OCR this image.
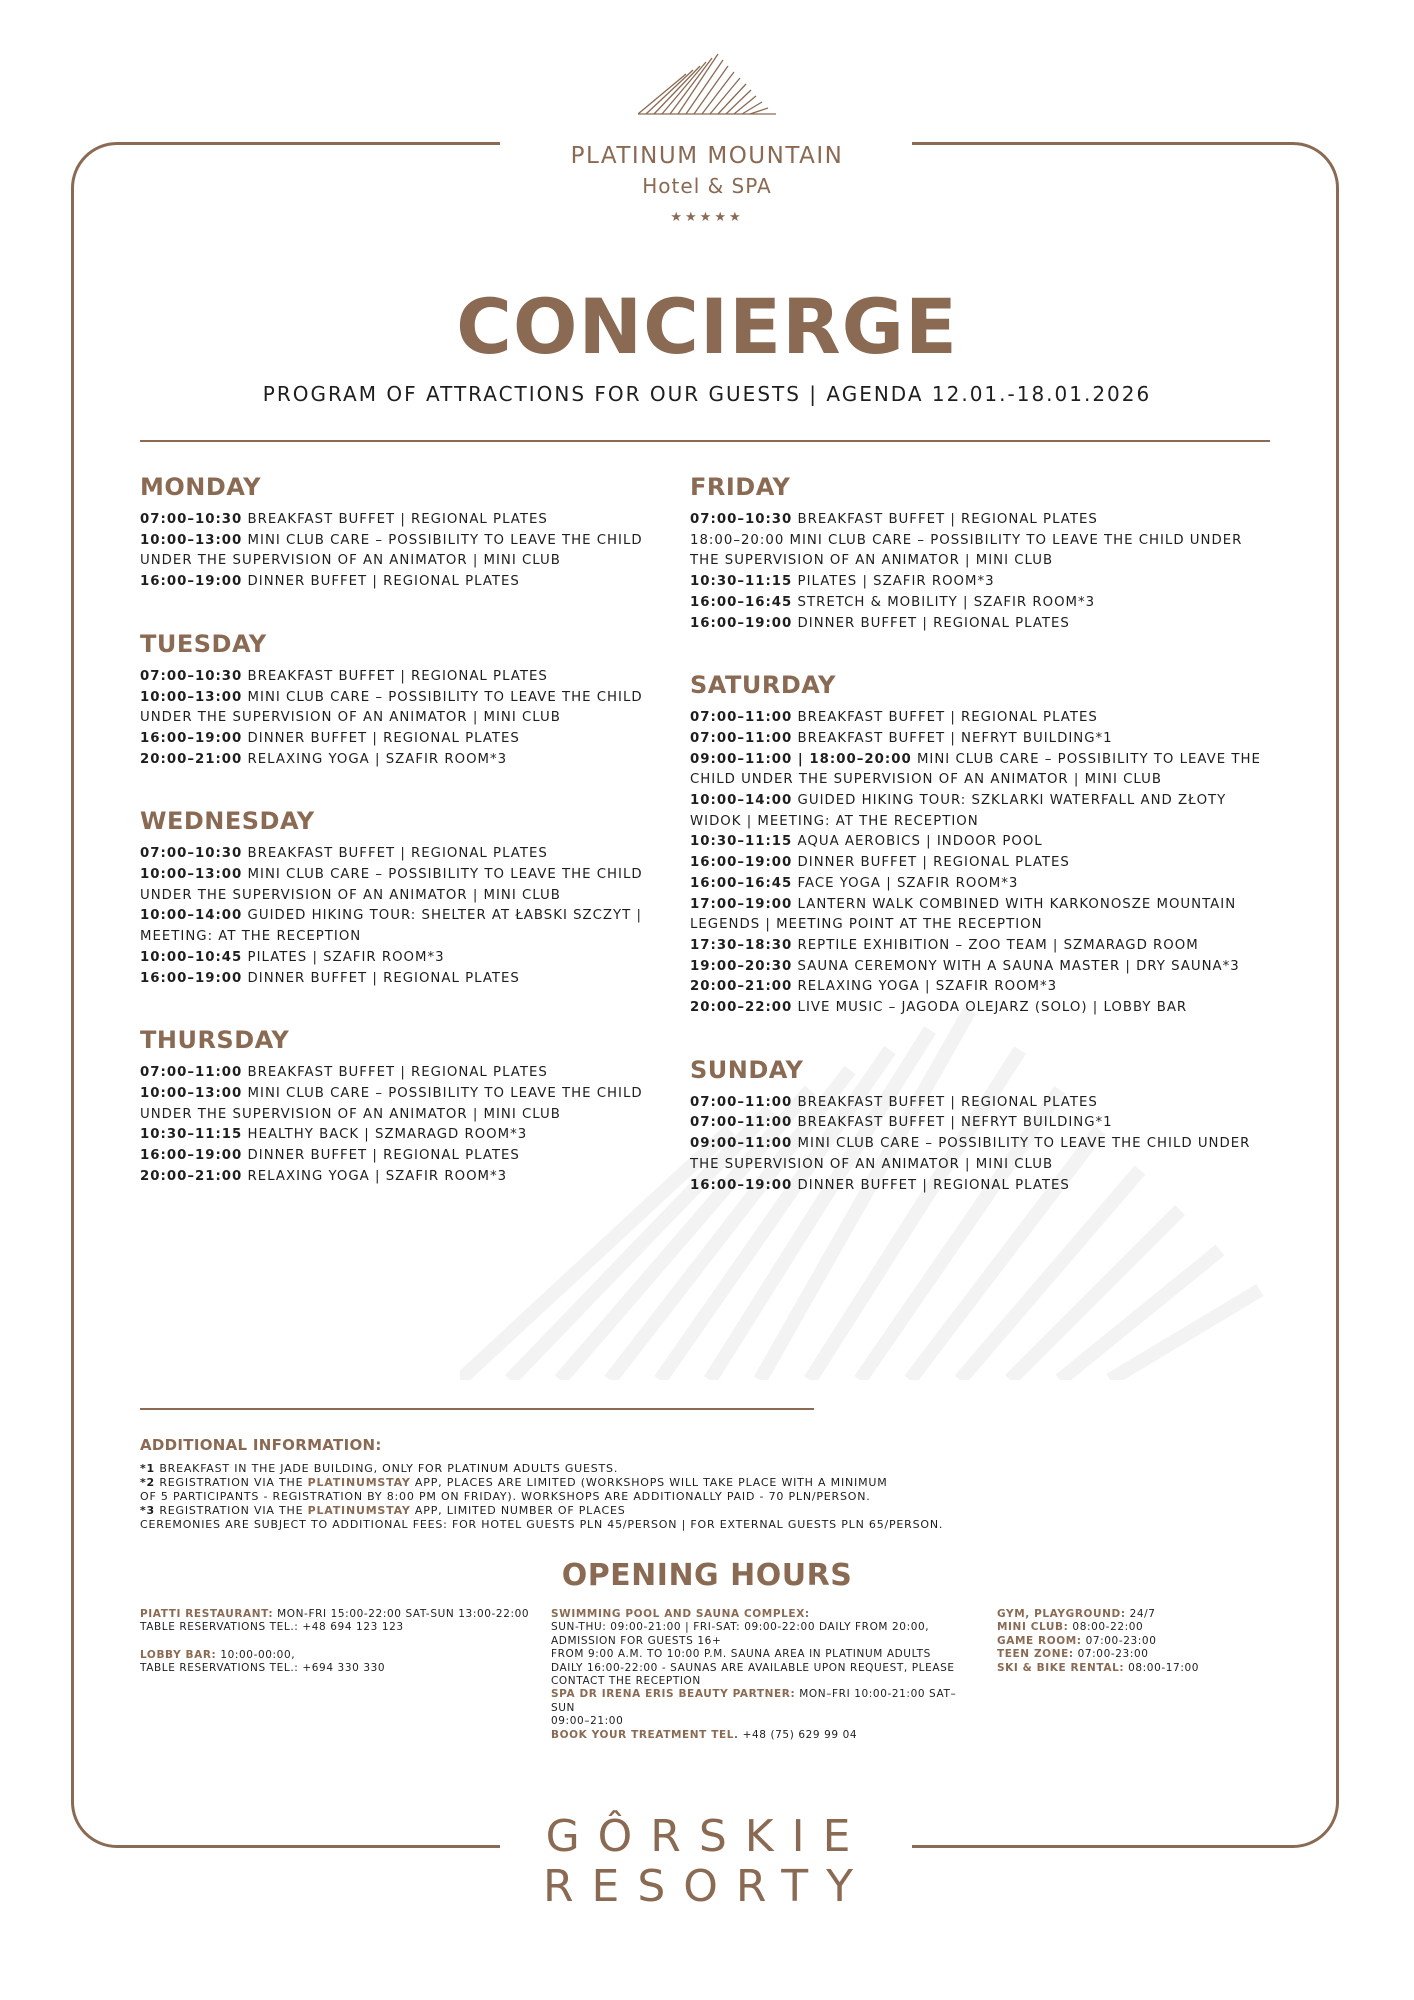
PLATINUM MOUNTAIN
Hotel & SPA
★★★★★
CONCIERGE
PROGRAM OF ATTRACTIONS FOR OUR GUESTS | AGENDA 12.01.-18.01.2026
MONDAY
07:00–10:30 BREAKFAST BUFFET | REGIONAL PLATES
10:00–13:00 MINI CLUB CARE – POSSIBILITY TO LEAVE THE CHILD UNDER THE SUPERVISION OF AN ANIMATOR | MINI CLUB
16:00–19:00 DINNER BUFFET | REGIONAL PLATES
TUESDAY
07:00–10:30 BREAKFAST BUFFET | REGIONAL PLATES
10:00–13:00 MINI CLUB CARE – POSSIBILITY TO LEAVE THE CHILD UNDER THE SUPERVISION OF AN ANIMATOR | MINI CLUB
16:00–19:00 DINNER BUFFET | REGIONAL PLATES
20:00–21:00 RELAXING YOGA | SZAFIR ROOM*3
WEDNESDAY
07:00–10:30 BREAKFAST BUFFET | REGIONAL PLATES
10:00–13:00 MINI CLUB CARE – POSSIBILITY TO LEAVE THE CHILD UNDER THE SUPERVISION OF AN ANIMATOR | MINI CLUB
10:00–14:00 GUIDED HIKING TOUR: SHELTER AT ŁABSKI SZCZYT | MEETING: AT THE RECEPTION
10:00–10:45 PILATES | SZAFIR ROOM*3
16:00–19:00 DINNER BUFFET | REGIONAL PLATES
THURSDAY
07:00–11:00 BREAKFAST BUFFET | REGIONAL PLATES
10:00–13:00 MINI CLUB CARE – POSSIBILITY TO LEAVE THE CHILD UNDER THE SUPERVISION OF AN ANIMATOR | MINI CLUB
10:30–11:15 HEALTHY BACK | SZMARAGD ROOM*3
16:00–19:00 DINNER BUFFET | REGIONAL PLATES
20:00–21:00 RELAXING YOGA | SZAFIR ROOM*3
FRIDAY
07:00–10:30 BREAKFAST BUFFET | REGIONAL PLATES
18:00–20:00 MINI CLUB CARE – POSSIBILITY TO LEAVE THE CHILD UNDER THE SUPERVISION OF AN ANIMATOR | MINI CLUB
10:30–11:15 PILATES | SZAFIR ROOM*3
16:00–16:45 STRETCH & MOBILITY | SZAFIR ROOM*3
16:00–19:00 DINNER BUFFET | REGIONAL PLATES
SATURDAY
07:00–11:00 BREAKFAST BUFFET | REGIONAL PLATES
07:00–11:00 BREAKFAST BUFFET | NEFRYT BUILDING*1
09:00–11:00 | 18:00–20:00 MINI CLUB CARE – POSSIBILITY TO LEAVE THE CHILD UNDER THE SUPERVISION OF AN ANIMATOR | MINI CLUB
10:00–14:00 GUIDED HIKING TOUR: SZKLARKI WATERFALL AND ZŁOTY WIDOK | MEETING: AT THE RECEPTION
10:30–11:15 AQUA AEROBICS | INDOOR POOL
16:00–19:00 DINNER BUFFET | REGIONAL PLATES
16:00–16:45 FACE YOGA | SZAFIR ROOM*3
17:00–19:00 LANTERN WALK COMBINED WITH KARKONOSZE MOUNTAIN LEGENDS | MEETING POINT AT THE RECEPTION
17:30–18:30 REPTILE EXHIBITION – ZOO TEAM | SZMARAGD ROOM
19:00–20:30 SAUNA CEREMONY WITH A SAUNA MASTER | DRY SAUNA*3
20:00–21:00 RELAXING YOGA | SZAFIR ROOM*3
20:00–22:00 LIVE MUSIC – JAGODA OLEJARZ (SOLO) | LOBBY BAR
SUNDAY
07:00–11:00 BREAKFAST BUFFET | REGIONAL PLATES
07:00–11:00 BREAKFAST BUFFET | NEFRYT BUILDING*1
09:00–11:00 MINI CLUB CARE – POSSIBILITY TO LEAVE THE CHILD UNDER THE SUPERVISION OF AN ANIMATOR | MINI CLUB
16:00–19:00 DINNER BUFFET | REGIONAL PLATES
ADDITIONAL INFORMATION:
*1 BREAKFAST IN THE JADE BUILDING, ONLY FOR PLATINUM ADULTS GUESTS.
*2 REGISTRATION VIA THE PLATINUMSTAY APP, PLACES ARE LIMITED (WORKSHOPS WILL TAKE PLACE WITH A MINIMUM
OF 5 PARTICIPANTS - REGISTRATION BY 8:00 PM ON FRIDAY). WORKSHOPS ARE ADDITIONALLY PAID - 70 PLN/PERSON.
*3 REGISTRATION VIA THE PLATINUMSTAY APP, LIMITED NUMBER OF PLACES
CEREMONIES ARE SUBJECT TO ADDITIONAL FEES: FOR HOTEL GUESTS PLN 45/PERSON | FOR EXTERNAL GUESTS PLN 65/PERSON.
OPENING HOURS
PIATTI RESTAURANT: MON-FRI 15:00-22:00 SAT-SUN 13:00-22:00
TABLE RESERVATIONS TEL.: +48 694 123 123
LOBBY BAR: 10:00-00:00,
TABLE RESERVATIONS TEL.: +694 330 330
SWIMMING POOL AND SAUNA COMPLEX:
SUN-THU: 09:00-21:00 | FRI-SAT: 09:00-22:00 DAILY FROM 20:00,
ADMISSION FOR GUESTS 16+
FROM 9:00 A.M. TO 10:00 P.M. SAUNA AREA IN PLATINUM ADULTS
DAILY 16:00-22:00 - SAUNAS ARE AVAILABLE UPON REQUEST, PLEASE
CONTACT THE RECEPTION
SPA DR IRENA ERIS BEAUTY PARTNER: MON–FRI 10:00-21:00 SAT–SUN
09:00–21:00
BOOK YOUR TREATMENT TEL. +48 (75) 629 99 04
GYM, PLAYGROUND: 24/7
MINI CLUB: 08:00-22:00
GAME ROOM: 07:00-23:00
TEEN ZONE: 07:00-23:00
SKI & BIKE RENTAL: 08:00-17:00
GÔRSKIE
RESORTY
